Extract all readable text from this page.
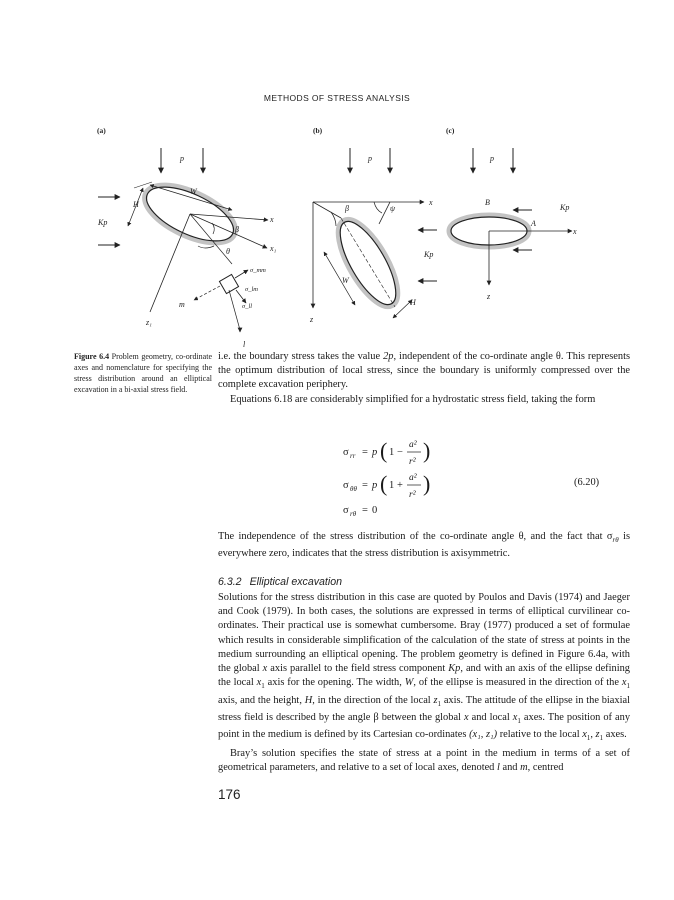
METHODS OF STRESS ANALYSIS
(a)	(b)	(c)
p
W
H
Kp	x
β
θ	x₁
σ_mm
σ_lm
σ_ll
m
z₁
l
p
β	ψ
x
Kp
W
H
z
p
B
Kp
A
x
z
Figure 6.4 Problem geometry, co-ordinate axes and nomenclature for specifying the stress distribution around an elliptical excavation in a bi-axial stress field.
i.e. the boundary stress takes the value 2p, independent of the co-ordinate angle θ. This represents the optimum distribution of local stress, since the boundary is uniformly compressed over the complete excavation periphery.
Equations 6.18 are considerably simplified for a hydrostatic stress field, taking the form
σ rr = p ( 1 −
a²
r² )
σ θθ = p ( 1 +
a²
r² )
σ rθ = 0
(6.20)
The independence of the stress distribution of the co-ordinate angle θ, and the fact that $\sigma_{r\theta}$ is everywhere zero, indicates that the stress distribution is axisymmetric.
6.3.2 Elliptical excavation
Solutions for the stress distribution in this case are quoted by Poulos and Davis (1974) and Jaeger and Cook (1979). In both cases, the solutions are expressed in terms of elliptical curvilinear co-ordinates. Their practical use is somewhat cumbersome. Bray (1977) produced a set of formulae which results in considerable simplification of the calculation of the state of stress at points in the medium surrounding an elliptical opening. The problem geometry is defined in Figure 6.4a, with the global x axis parallel to the field stress component Kp, and with an axis of the ellipse defining the local $x_1$ axis for the opening. The width, W, of the ellipse is measured in the direction of the $x_1$ axis, and the height, H, in the direction of the local $z_1$ axis. The attitude of the ellipse in the biaxial stress field is described by the angle β between the global x and local $x_1$ axes. The position of any point in the medium is defined by its Cartesian co-ordinates (x₁, z₁) relative to the local $x_1$, $z_1$ axes.
Bray’s solution specifies the state of stress at a point in the medium in terms of a set of geometrical parameters, and relative to a set of local axes, denoted l and m, centred
176
